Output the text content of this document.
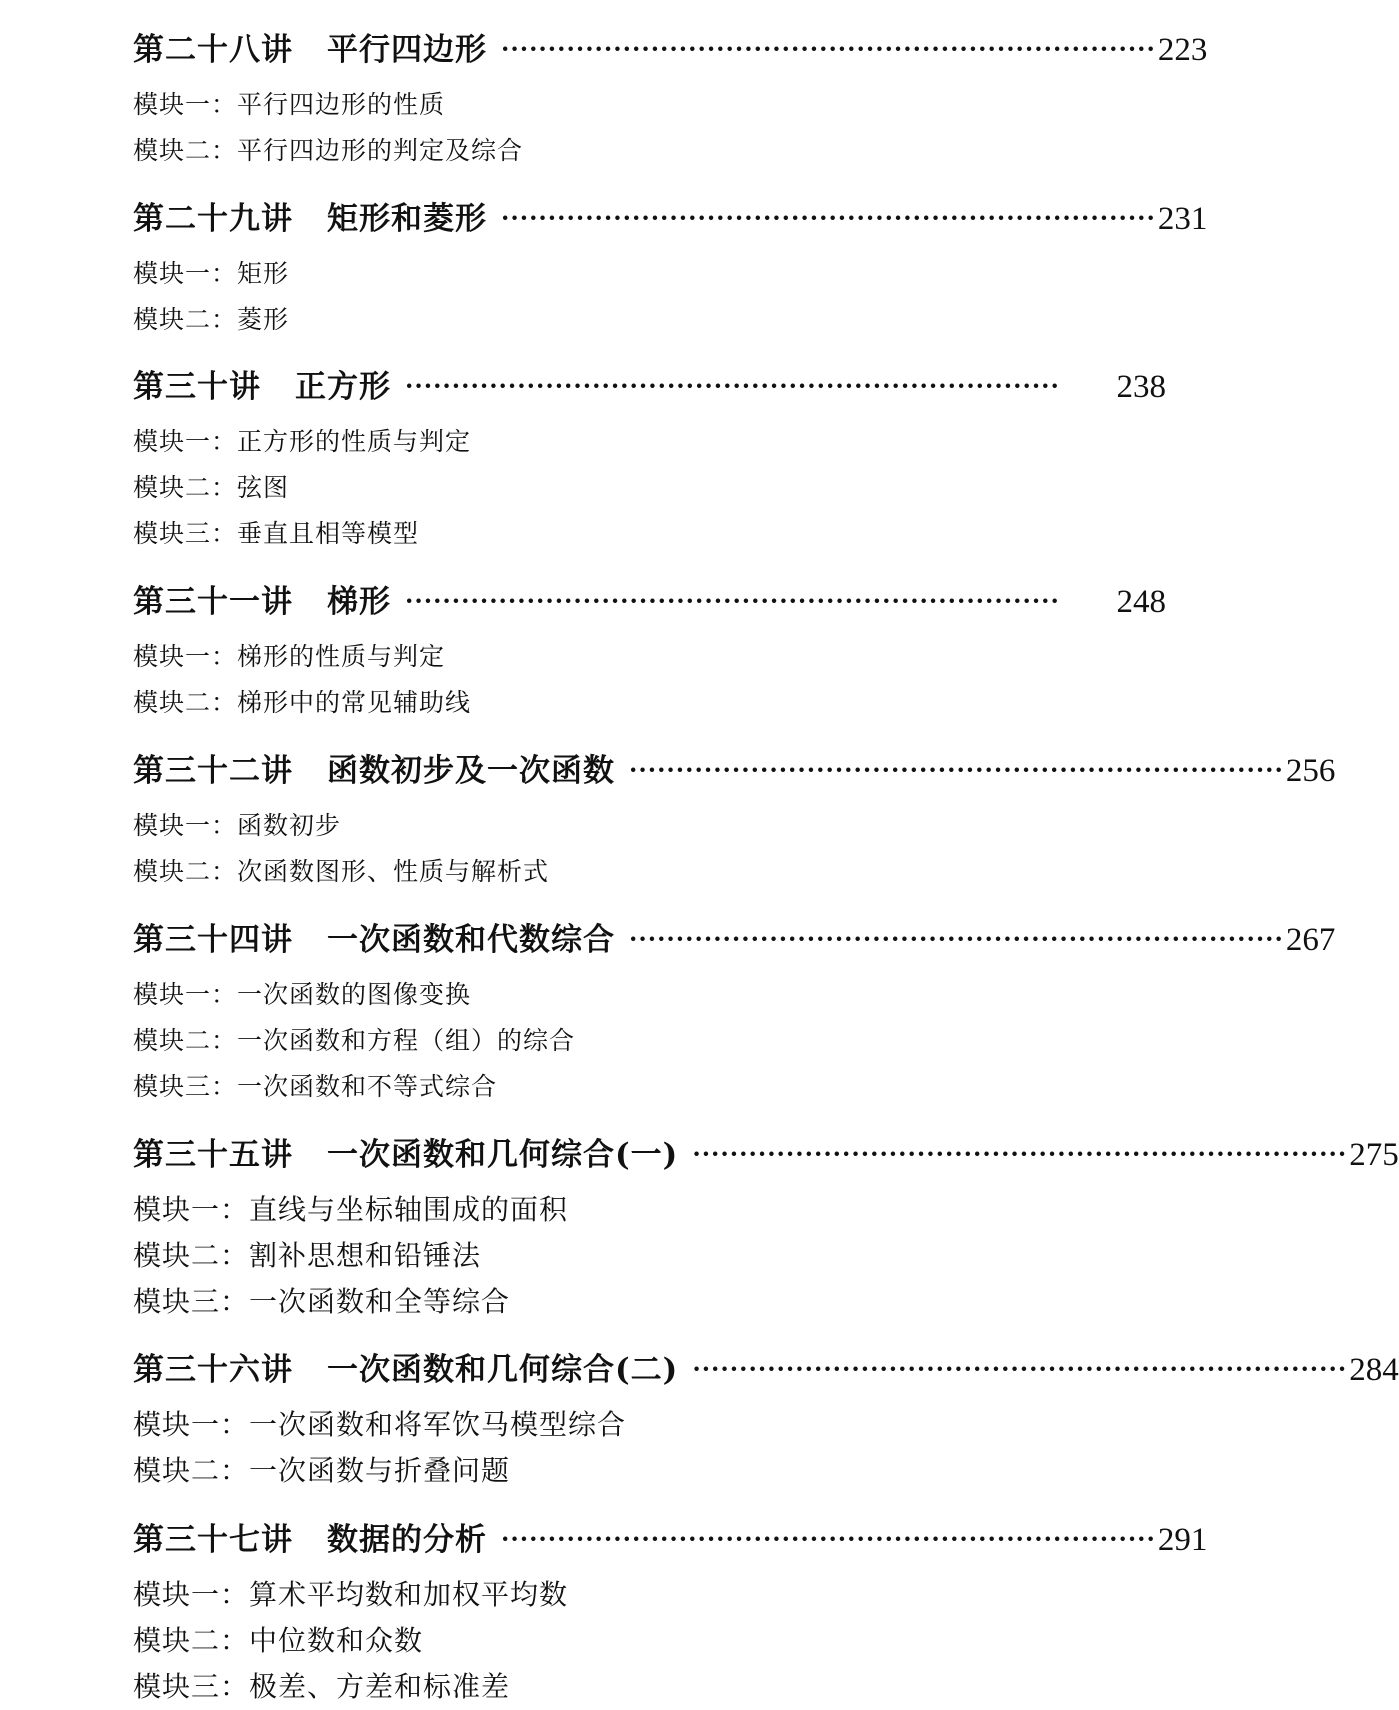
第二十八讲 平行四边形 ······································································ 223
模块一：平行四边形的性质
模块二：平行四边形的判定及综合
第二十九讲 矩形和菱形 ······································································ 231
模块一：矩形
模块二：菱形
第三十讲 正方形 ······································································	238
模块一：正方形的性质与判定
模块二：弦图
模块三：垂直且相等模型
第三十一讲 梯形 ······································································	248
模块一：梯形的性质与判定
模块二：梯形中的常见辅助线
第三十二讲 函数初步及一次函数 ······································································ 256
模块一：函数初步
模块二：次函数图形、性质与解析式
第三十四讲 一次函数和代数综合 ······································································ 267
模块一：一次函数的图像变换
模块二：一次函数和方程（组）的综合
模块三：一次函数和不等式综合
第三十五讲 一次函数和几何综合(一) ······································································ 275
模块一：直线与坐标轴围成的面积
模块二：割补思想和铅锤法
模块三：一次函数和全等综合
第三十六讲 一次函数和几何综合(二) ······································································ 284
模块一：一次函数和将军饮马模型综合
模块二：一次函数与折叠问题
第三十七讲 数据的分析 ······································································ 291
模块一：算术平均数和加权平均数
模块二：中位数和众数
模块三：极差、方差和标准差
